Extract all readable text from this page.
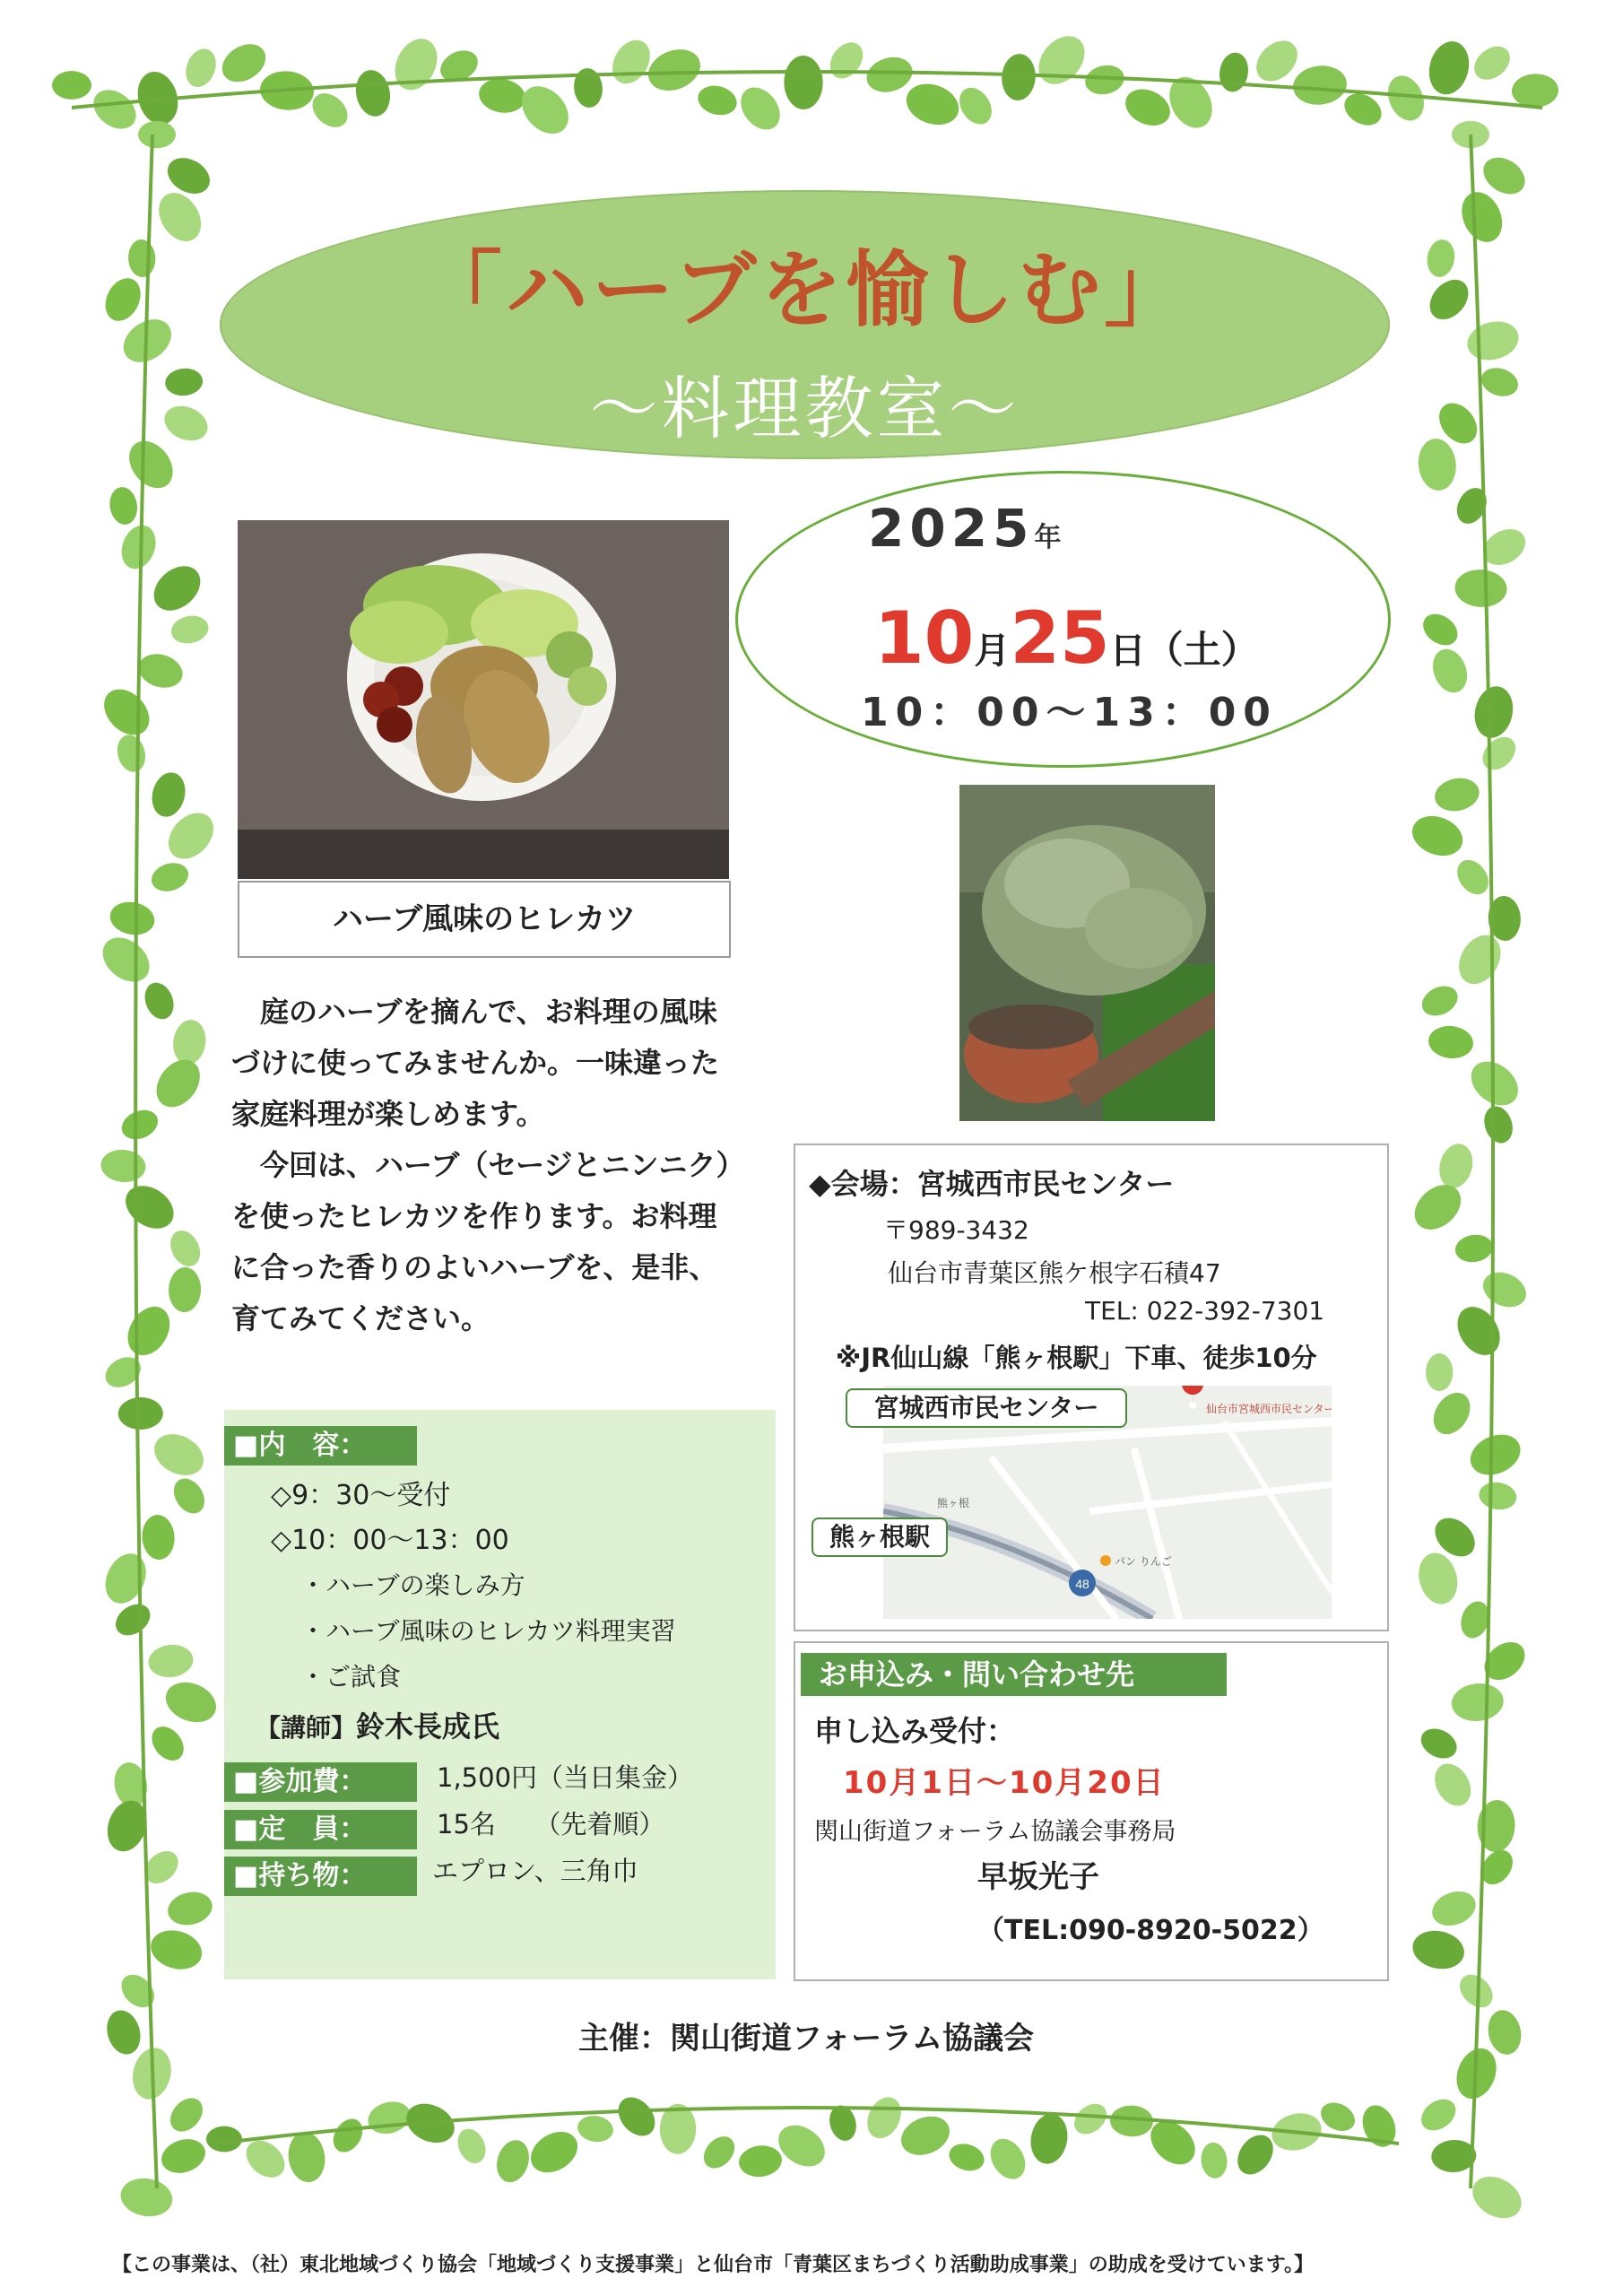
「ハーブを愉しむ」
～料理教室～
2025年
10月25日（土）
10：00～13：00
ハーブ風味のヒレカツ

庭のハーブを摘んで、お料理の風味

づけに使ってみませんか。一味違った

家庭料理が楽しめます。

今回は、ハーブ（セージとニンニク）

を使ったヒレカツを作ります。お料理

に合った香りのよいハーブを、是非、

育てみてください。

◆会場：宮城西市民センター
〒989-3432
仙台市青葉区熊ケ根字石積47
TEL: 022-392-7301
※JR仙山線「熊ヶ根駅」下車、徒歩10分
48
仙台市宮城西市民センター
熊ヶ根
パン りんご
宮城西市民センター
熊ヶ根駅
■内　容：
◇9：30～受付
◇10：00～13：00
・ハーブの楽しみ方
・ハーブ風味のヒレカツ料理実習
・ご試食
【講師】鈴木長成氏
■参加費：	1,500円（当日集金）
■定　員：	15名　　（先着順）
■持ち物：	エプロン、三角巾
お申込み・問い合わせ先
申し込み受付：
10月1日～10月20日
関山街道フォーラム協議会事務局
早坂光子
（TEL:090-8920-5022）
主催：関山街道フォーラム協議会
【この事業は、（社）東北地域づくり協会「地域づくり支援事業」と仙台市「青葉区まちづくり活動助成事業」の助成を受けています。】
